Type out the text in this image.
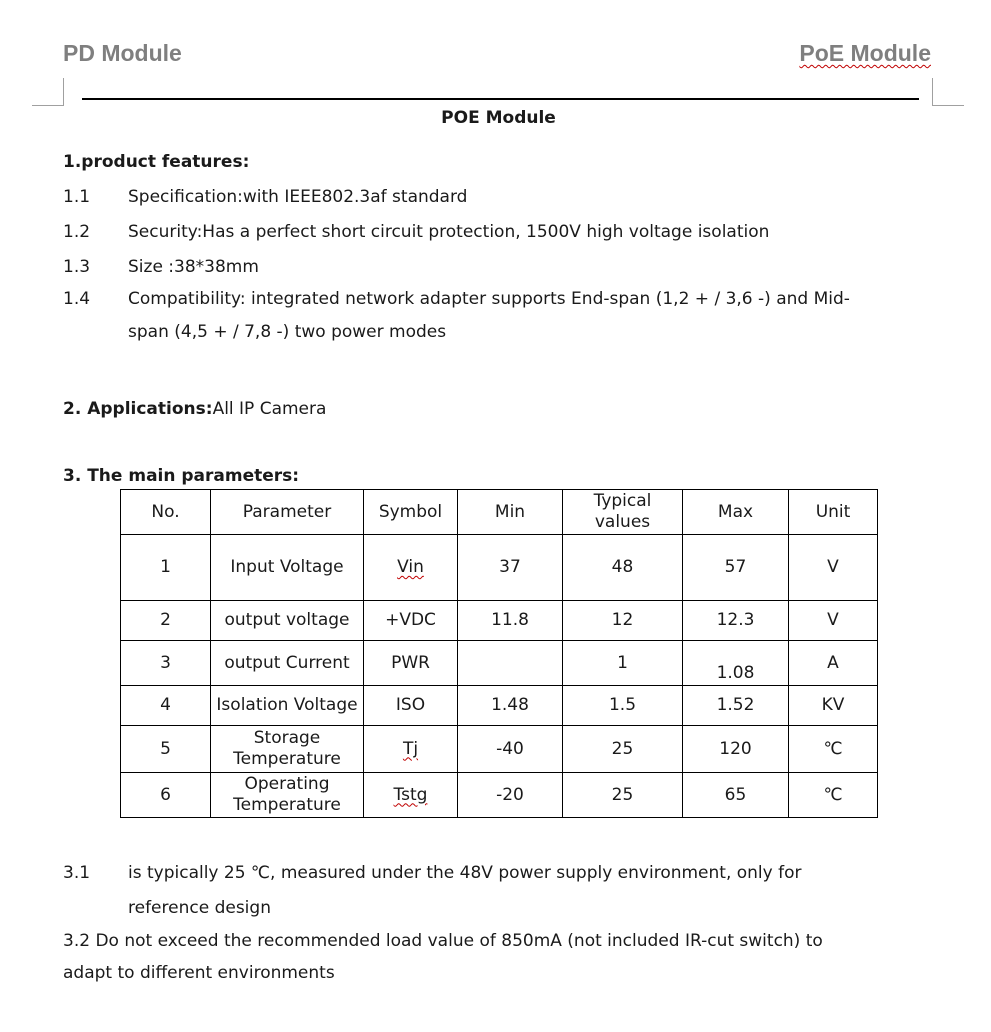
PD Module	PoE Module
POE Module
1.product features:
1.1 Specification:with IEEE802.3af standard
1.2 Security:Has a perfect short circuit protection, 1500V high voltage isolation
1.3 Size :38*38mm
1.4 Compatibility: integrated network adapter supports End-span (1,2 + / 3,6 -) and Mid-
span (4,5 + / 7,8 -) two power modes
2. Applications:All IP Camera
3. The main parameters:
No.	Parameter	Symbol	Min	Typical values	Max	Unit
1	Input Voltage	Vin	37	48	57	V
2	output voltage	+VDC	11.8	12	12.3	V
3	output Current	PWR		1	1.08	A
4	Isolation Voltage	ISO	1.48	1.5	1.52	KV
5	Storage Temperature	Tj	-40	25	120	℃
6	Operating Temperature	Tstg	-20	25	65	℃
3.1 is typically 25 ℃, measured under the 48V power supply environment, only for
reference design
3.2 Do not exceed the recommended load value of 850mA (not included IR-cut switch) to
adapt to different environments
